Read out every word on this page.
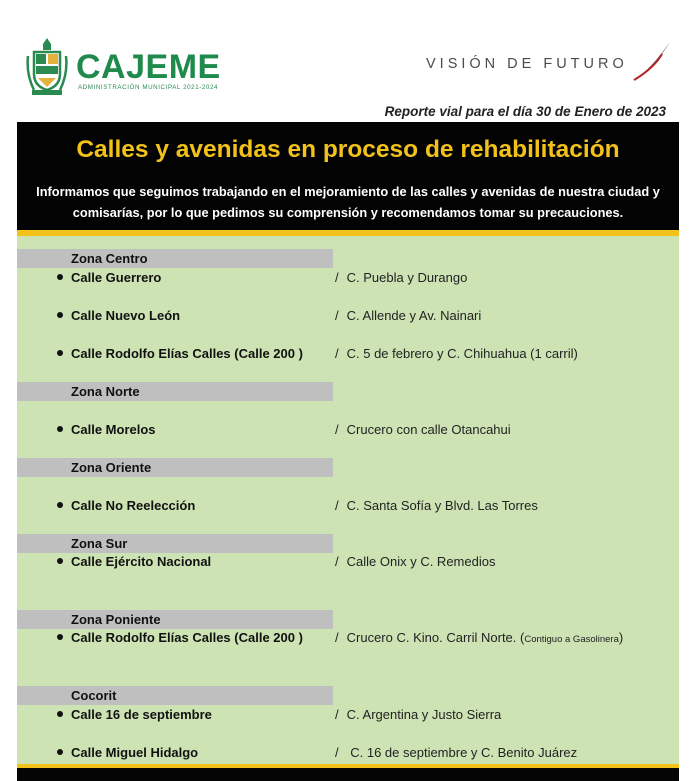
CAJEME
ADMINISTRACIÓN MUNICIPAL 2021-2024
VISIÓN DE FUTURO
Reporte vial para el día 30 de Enero de 2023
Calles y avenidas en proceso de rehabilitación
Informamos que seguimos trabajando en el mejoramiento de las calles y avenidas de nuestra ciudad y comisarías, por lo que pedimos su comprensión y recomendamos tomar su precauciones.
Zona Centro
Calle Guerrero	/ C. Puebla y Durango
Calle Nuevo León	/ C. Allende y Av. Nainari
Calle Rodolfo Elías Calles (Calle 200 ) / C. 5 de febrero y C. Chihuahua (1 carril)
Zona Norte
Calle Morelos	/ Crucero con calle Otancahui
Zona Oriente
Calle No Reelección	/ C. Santa Sofía y Blvd. Las Torres
Zona Sur
Calle Ejército Nacional	/ Calle Onix y C. Remedios
Zona Poniente
Calle Rodolfo Elías Calles (Calle 200 ) / Crucero C. Kino. Carril Norte. (Contiguo a Gasolinera)
Cocorit
Calle 16 de septiembre	/ C. Argentina y Justo Sierra
Calle Miguel Hidalgo	/ C. 16 de septiembre y C. Benito Juárez
